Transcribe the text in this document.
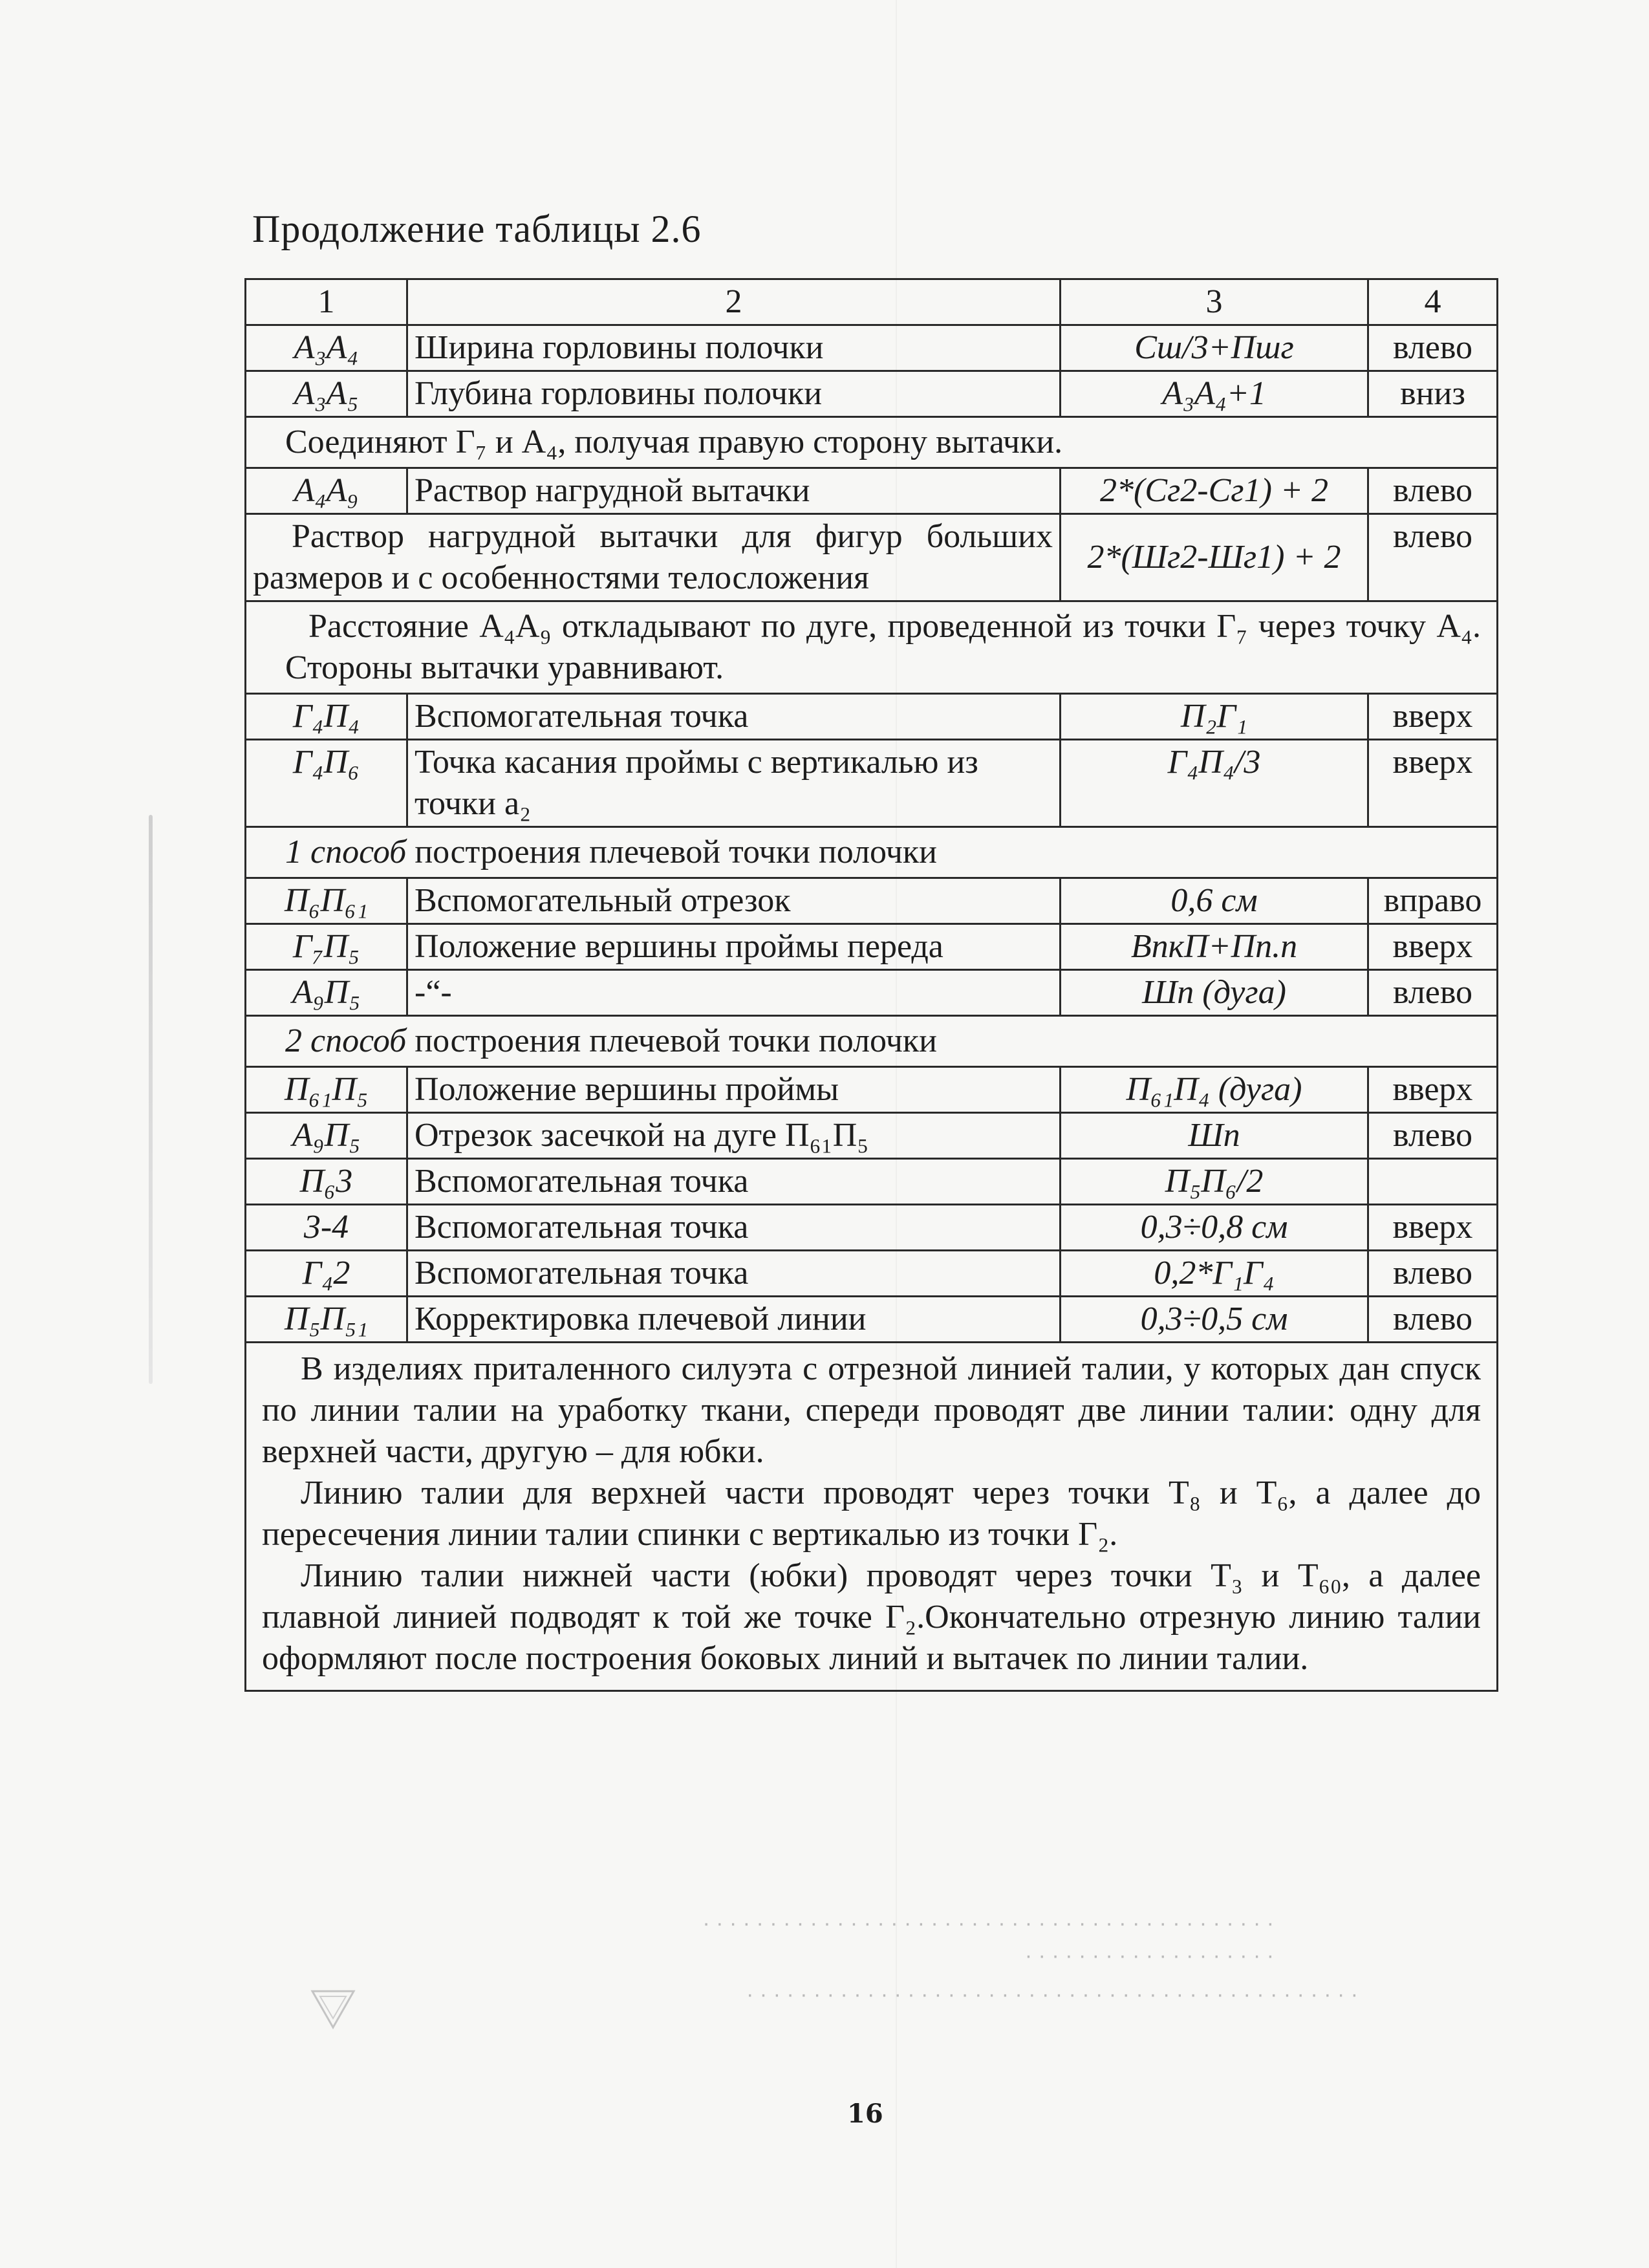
Продолжение таблицы 2.6
1	2	3	4
A₃A₄	Ширина горловины полочки	Сш/3+Пшг	влево
A₃A₅	Глубина горловины полочки	A₃A₄+1	вниз
Соединяют Г₇ и A₄, получая правую сторону вытачки.			
A₄A₉	Раствор нагрудной вытачки	2*(Сг2-Сг1) + 2	влево
Раствор нагрудной вытачки для фигур больших размеров и с особенностями телосложения		2*(Шг2-Шг1) + 2	влево

Расстояние A₄A₉ откладывают по дуге, проведенной из точки Г₇ через точку A₄. Стороны вытачки уравнивают.			

Г₄П₄	Вспомогательная точка	П₂Г₁	вверх
Г₄П₆	Точка касания проймы с вертикалью из точки a₂	Г₄П₄/3	вверх
1 способ построения плечевой точки полочки			
П₆П₆₁	Вспомогательный отрезок	0,6 см	вправо
Г₇П₅	Положение вершины проймы переда	ВпкП+Пп.п	вверх
A₉П₅	-“-	Шп (дуга)	влево
2 способ построения плечевой точки полочки			
П₆₁П₅	Положение вершины проймы	П₆₁П₄ (дуга)	вверх
A₉П₅	Отрезок засечкой на дуге П₆₁П₅	Шп	влево
П₆3	Вспомогательная точка	П₅П₆/2	
3-4	Вспомогательная точка	0,3÷0,8 см	вверх
Г₄2	Вспомогательная точка	0,2*Г₁Г₄	влево
П₅П₅₁	Корректировка плечевой линии	0,3÷0,5 см	влево

В изделиях приталенного силуэта с отрезной линией талии, у которых дан спуск по линии талии на уработку ткани, спереди проводят две линии талии: одну для верхней части, другую – для юбки.

Линию талии для верхней части проводят через точки Т₈ и Т₆, а далее до пересечения линии талии спинки с вертикалью из точки Г₂.

Линию талии нижней части (юбки) проводят через точки Т₃ и Т₆₀, а далее плавной линией подводят к той же точке Г₂.Окончательно отрезную линию талии оформляют после построения боковых линий и вытачек по линии талии.			

· · · · · · · · · · · · · · · · · · · · · · · · · · · · · · · · · · · · · · · · · · ·
· · · · · · · · · · · · · · · · · · ·
· · · · · · · · · · · · · · · · · · · · · · · · · · · · · · · · · · · · · · · · · · · · · ·
16
